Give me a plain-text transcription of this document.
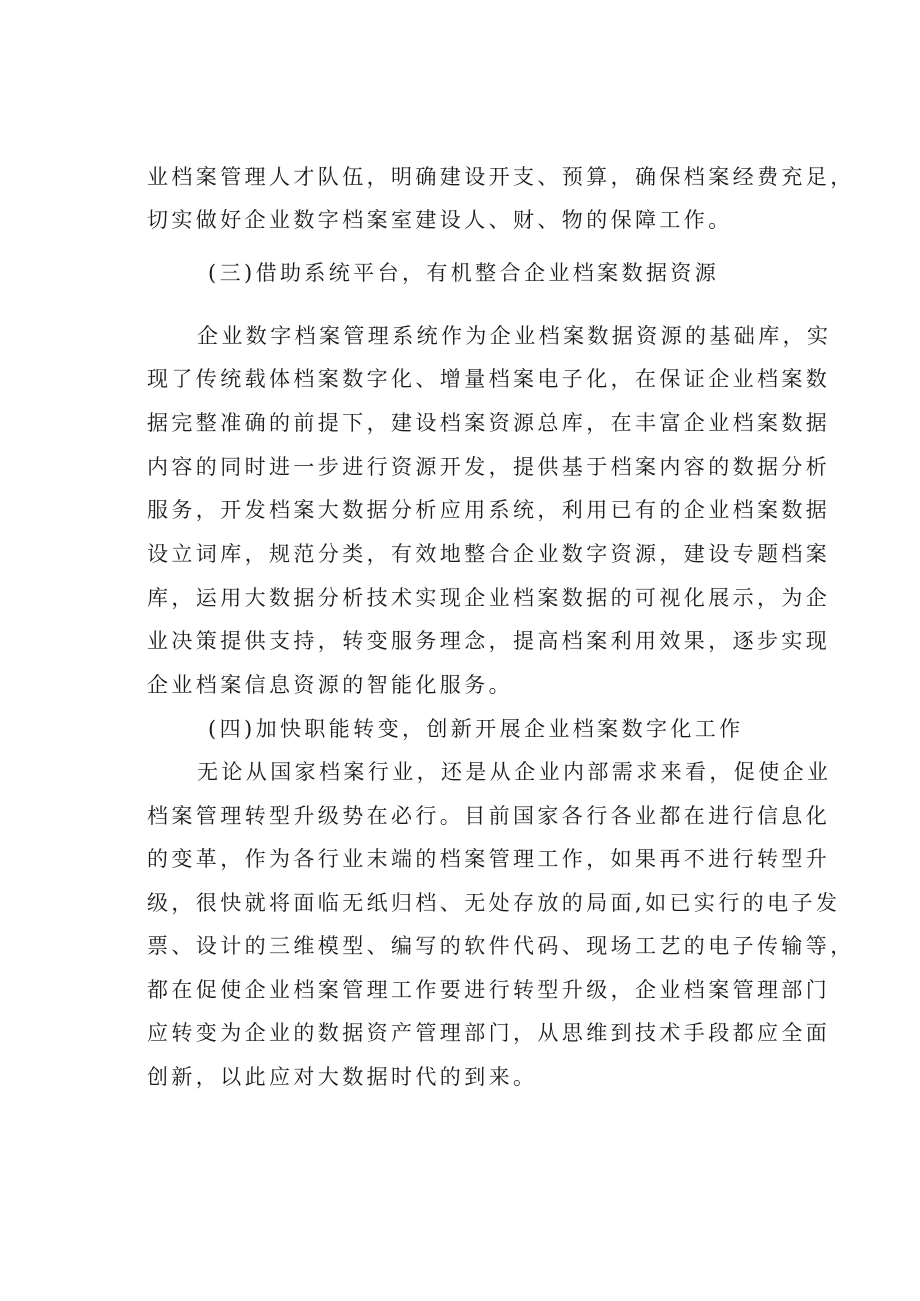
业档案管理人才队伍，明确建设开支、预算，确保档案经费充足，
切实做好企业数字档案室建设人、财、物的保障工作。
(三)借助系统平台，有机整合企业档案数据资源
企业数字档案管理系统作为企业档案数据资源的基础库，实
现了传统载体档案数字化、增量档案电子化，在保证企业档案数
据完整准确的前提下，建设档案资源总库，在丰富企业档案数据
内容的同时进一步进行资源开发，提供基于档案内容的数据分析
服务，开发档案大数据分析应用系统，利用已有的企业档案数据
设立词库，规范分类，有效地整合企业数字资源，建设专题档案
库，运用大数据分析技术实现企业档案数据的可视化展示，为企
业决策提供支持，转变服务理念，提高档案利用效果，逐步实现
企业档案信息资源的智能化服务。
(四)加快职能转变，创新开展企业档案数字化工作
无论从国家档案行业，还是从企业内部需求来看，促使企业
档案管理转型升级势在必行。目前国家各行各业都在进行信息化
的变革，作为各行业末端的档案管理工作，如果再不进行转型升
级，很快就将面临无纸归档、无处存放的局面,如已实行的电子发
票、设计的三维模型、编写的软件代码、现场工艺的电子传输等，
都在促使企业档案管理工作要进行转型升级，企业档案管理部门
应转变为企业的数据资产管理部门，从思维到技术手段都应全面
创新，以此应对大数据时代的到来。
